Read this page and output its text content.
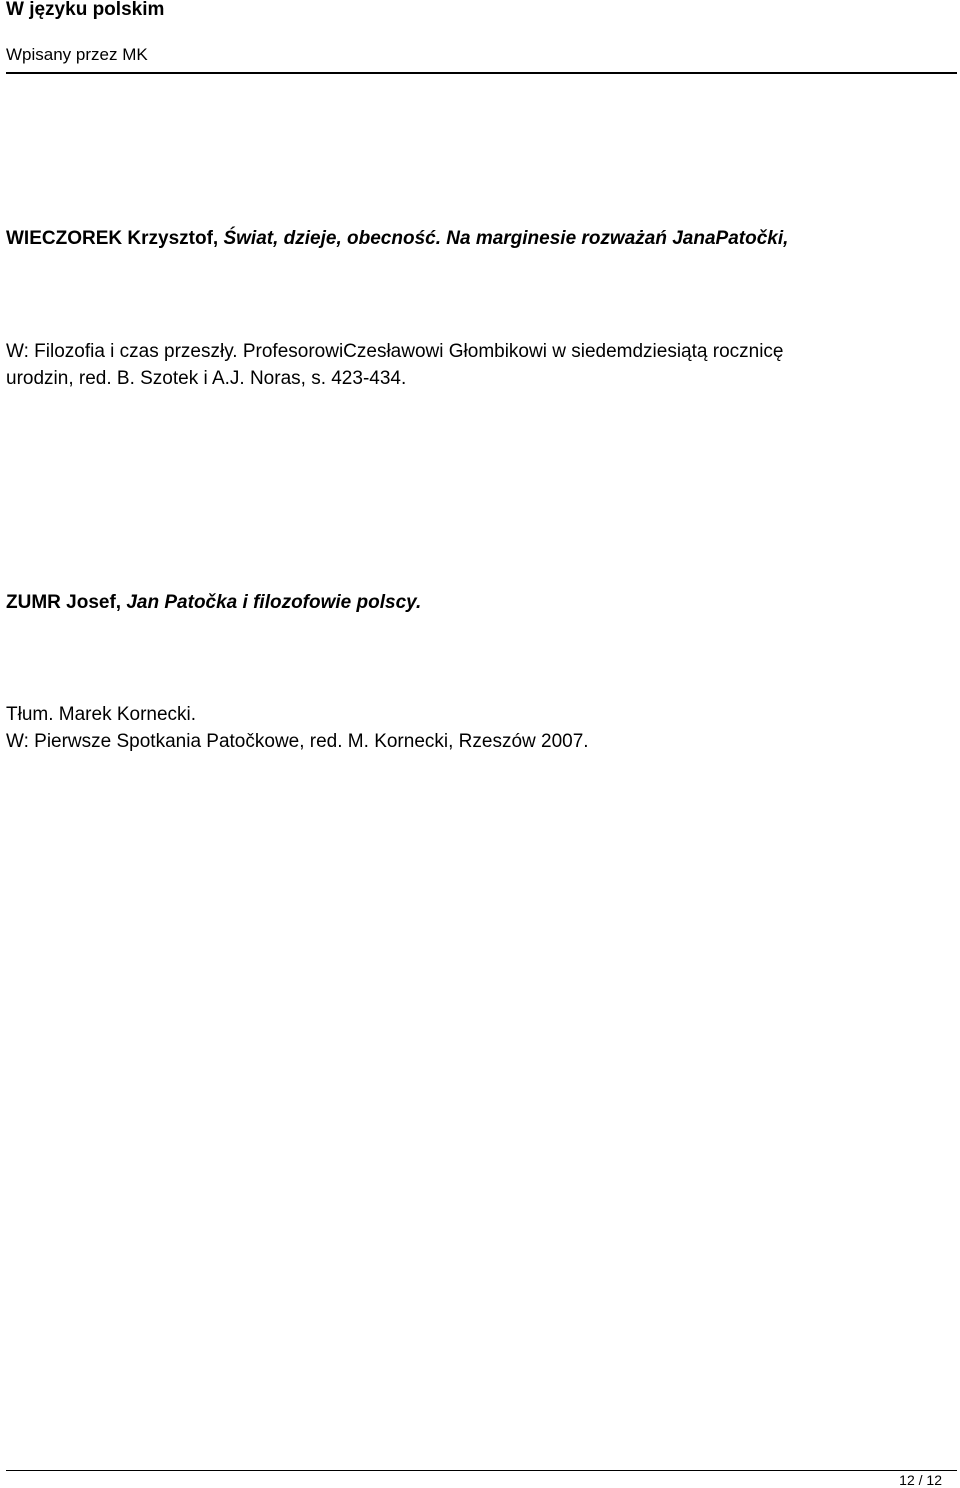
W języku polskim
Wpisany przez MK
WIECZOREK Krzysztof, Świat, dzieje, obecność. Na marginesie rozważań JanaPatočki,
W: Filozofia i czas przeszły. ProfesorowiCzesławowi Głombikowi w siedemdziesiątą rocznicę
urodzin, red. B. Szotek i A.J. Noras, s. 423-434.
ZUMR Josef, Jan Patočka i filozofowie polscy.
Tłum. Marek Kornecki.
W: Pierwsze Spotkania Patočkowe, red. M. Kornecki, Rzeszów 2007.
12 / 12
